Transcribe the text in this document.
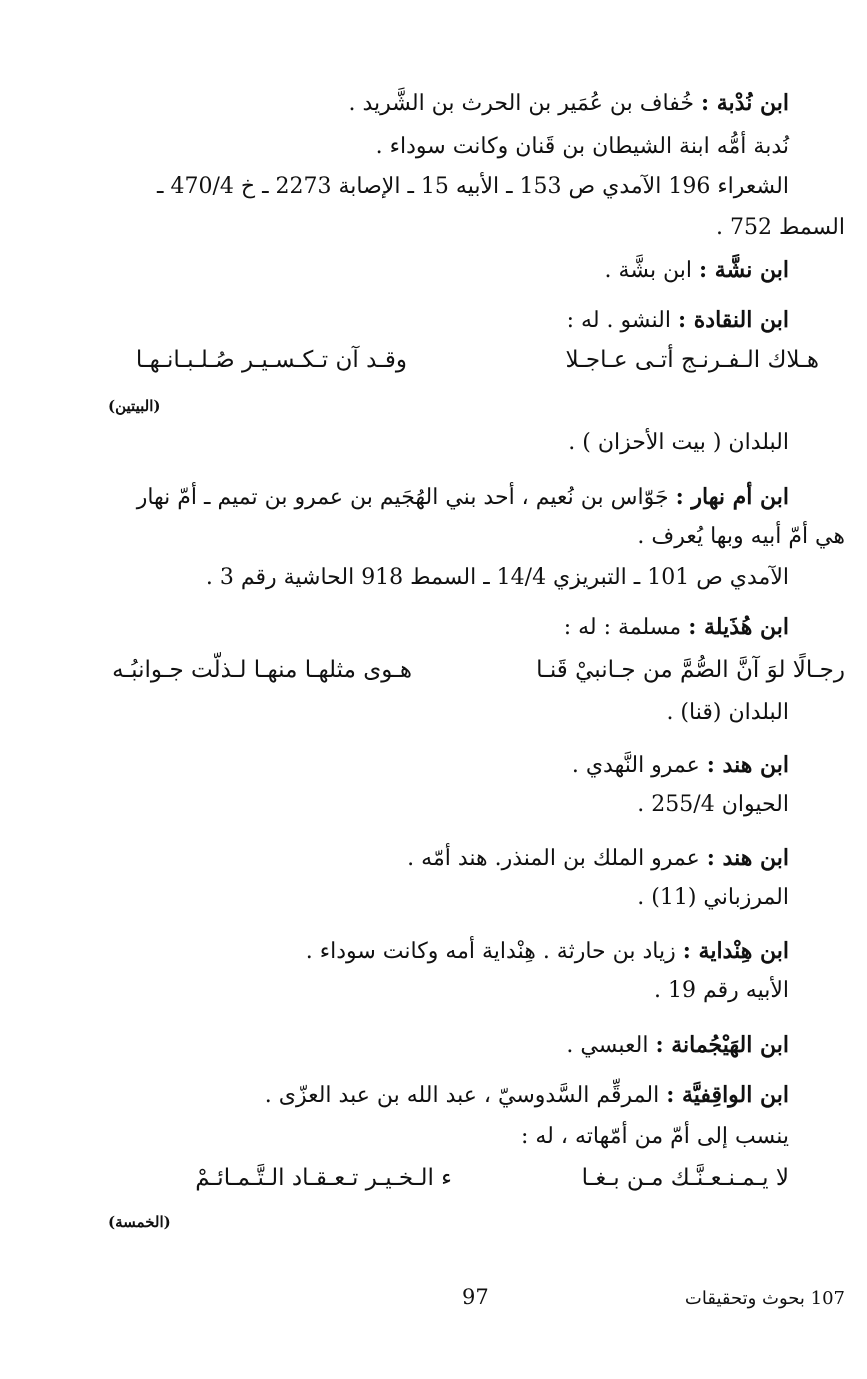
ابن نُدْبة : خُفاف بن عُمَير بن الحرث بن الشَّريد .
نُدبة أمُّه ابنة الشيطان بن قَنان وكانت سوداء .
الشعراء 196 الآمدي ص 153 ـ الأبيه 15 ـ الإصابة 2273 ـ خ 470/4 ـ
السمط 752 .
ابن نشَّة : ابن بشَّة .
ابن النقادة : النشو . له :
هـلاك الـفـرنـج أتـى عـاجـلا
وقـد آن تـكـسـيـر صُـلـبـانـهـا
(البيتين)
البلدان ( بيت الأحزان ) .
ابن أم نهار : جَوّاس بن نُعيم ، أحد بني الهُجَيم بن عمرو بن تميم ـ أمّ نهار
هي أمّ أبيه وبها يُعرف .
الآمدي ص 101 ـ التبريزي 14/4 ـ السمط 918 الحاشية رقم 3 .
ابن هُذَيلة : مسلمة : له :
رجـالًا لوَ آنَّ الصُّمَّ من جـانبيْ قَنـا
هـوى مثلهـا منهـا لـذلّت جـوانبُـه
البلدان (قنا) .
ابن هند : عمرو النَّهدي .
الحيوان 255/4 .
ابن هند : عمرو الملك بن المنذر. هند أمّه .
المرزباني (11) .
ابن هِنْداية : زياد بن حارثة . هِنْداية أمه وكانت سوداء .
الأبيه رقم 19 .
ابن الهَيْجُمانة : العبسي .
ابن الواقِفيَّة : المرقِّم السَّدوسيّ ، عبد الله بن عبد العزّى .
ينسب إلى أمّ من أمّهاته ، له :
لا يـمـنـعـنَّـك مـن بـغـا
ء الـخـيـر تـعـقـاد الـتَّـمـائـمْ
(الخمسة)
97	107 بحوث وتحقيقات
